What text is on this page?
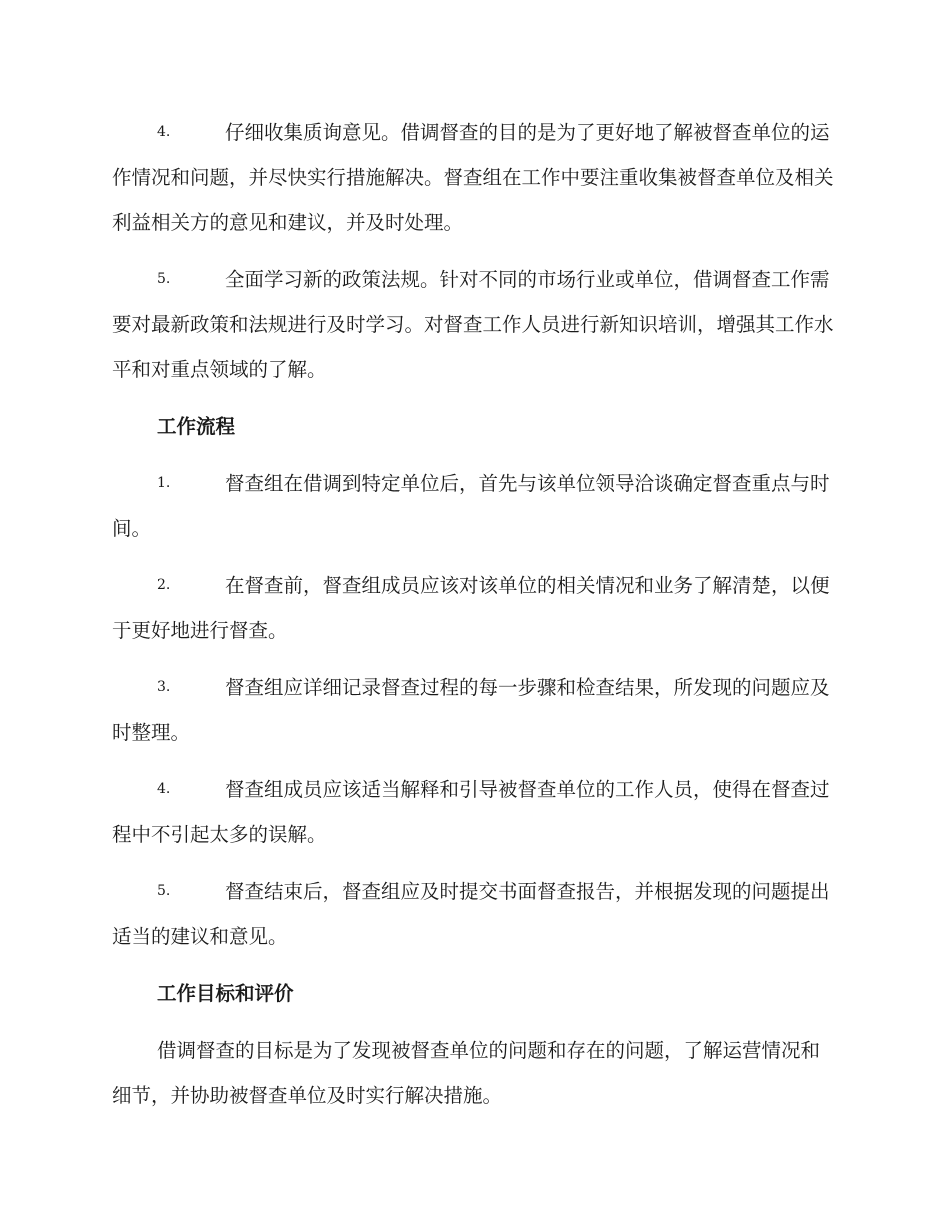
4.	仔细收集质询意见。借调督查的目的是为了更好地了解被督查单位的运作情况和问题，并尽快实行措施解决。督查组在工作中要注重收集被督查单位及相关利益相关方的意见和建议，并及时处理。
5.	全面学习新的政策法规。针对不同的市场行业或单位，借调督查工作需要对最新政策和法规进行及时学习。对督查工作人员进行新知识培训，增强其工作水平和对重点领域的了解。
工作流程
1.	督查组在借调到特定单位后，首先与该单位领导洽谈确定督查重点与时间。
2.	在督查前，督查组成员应该对该单位的相关情况和业务了解清楚，以便于更好地进行督查。
3.	督查组应详细记录督查过程的每一步骤和检查结果，所发现的问题应及时整理。
4.	督查组成员应该适当解释和引导被督查单位的工作人员，使得在督查过程中不引起太多的误解。
5.	督查结束后，督查组应及时提交书面督查报告，并根据发现的问题提出适当的建议和意见。
工作目标和评价

借调督查的目标是为了发现被督查单位的问题和存在的问题，了解运营情况和细节，并协助被督查单位及时实行解决措施。
